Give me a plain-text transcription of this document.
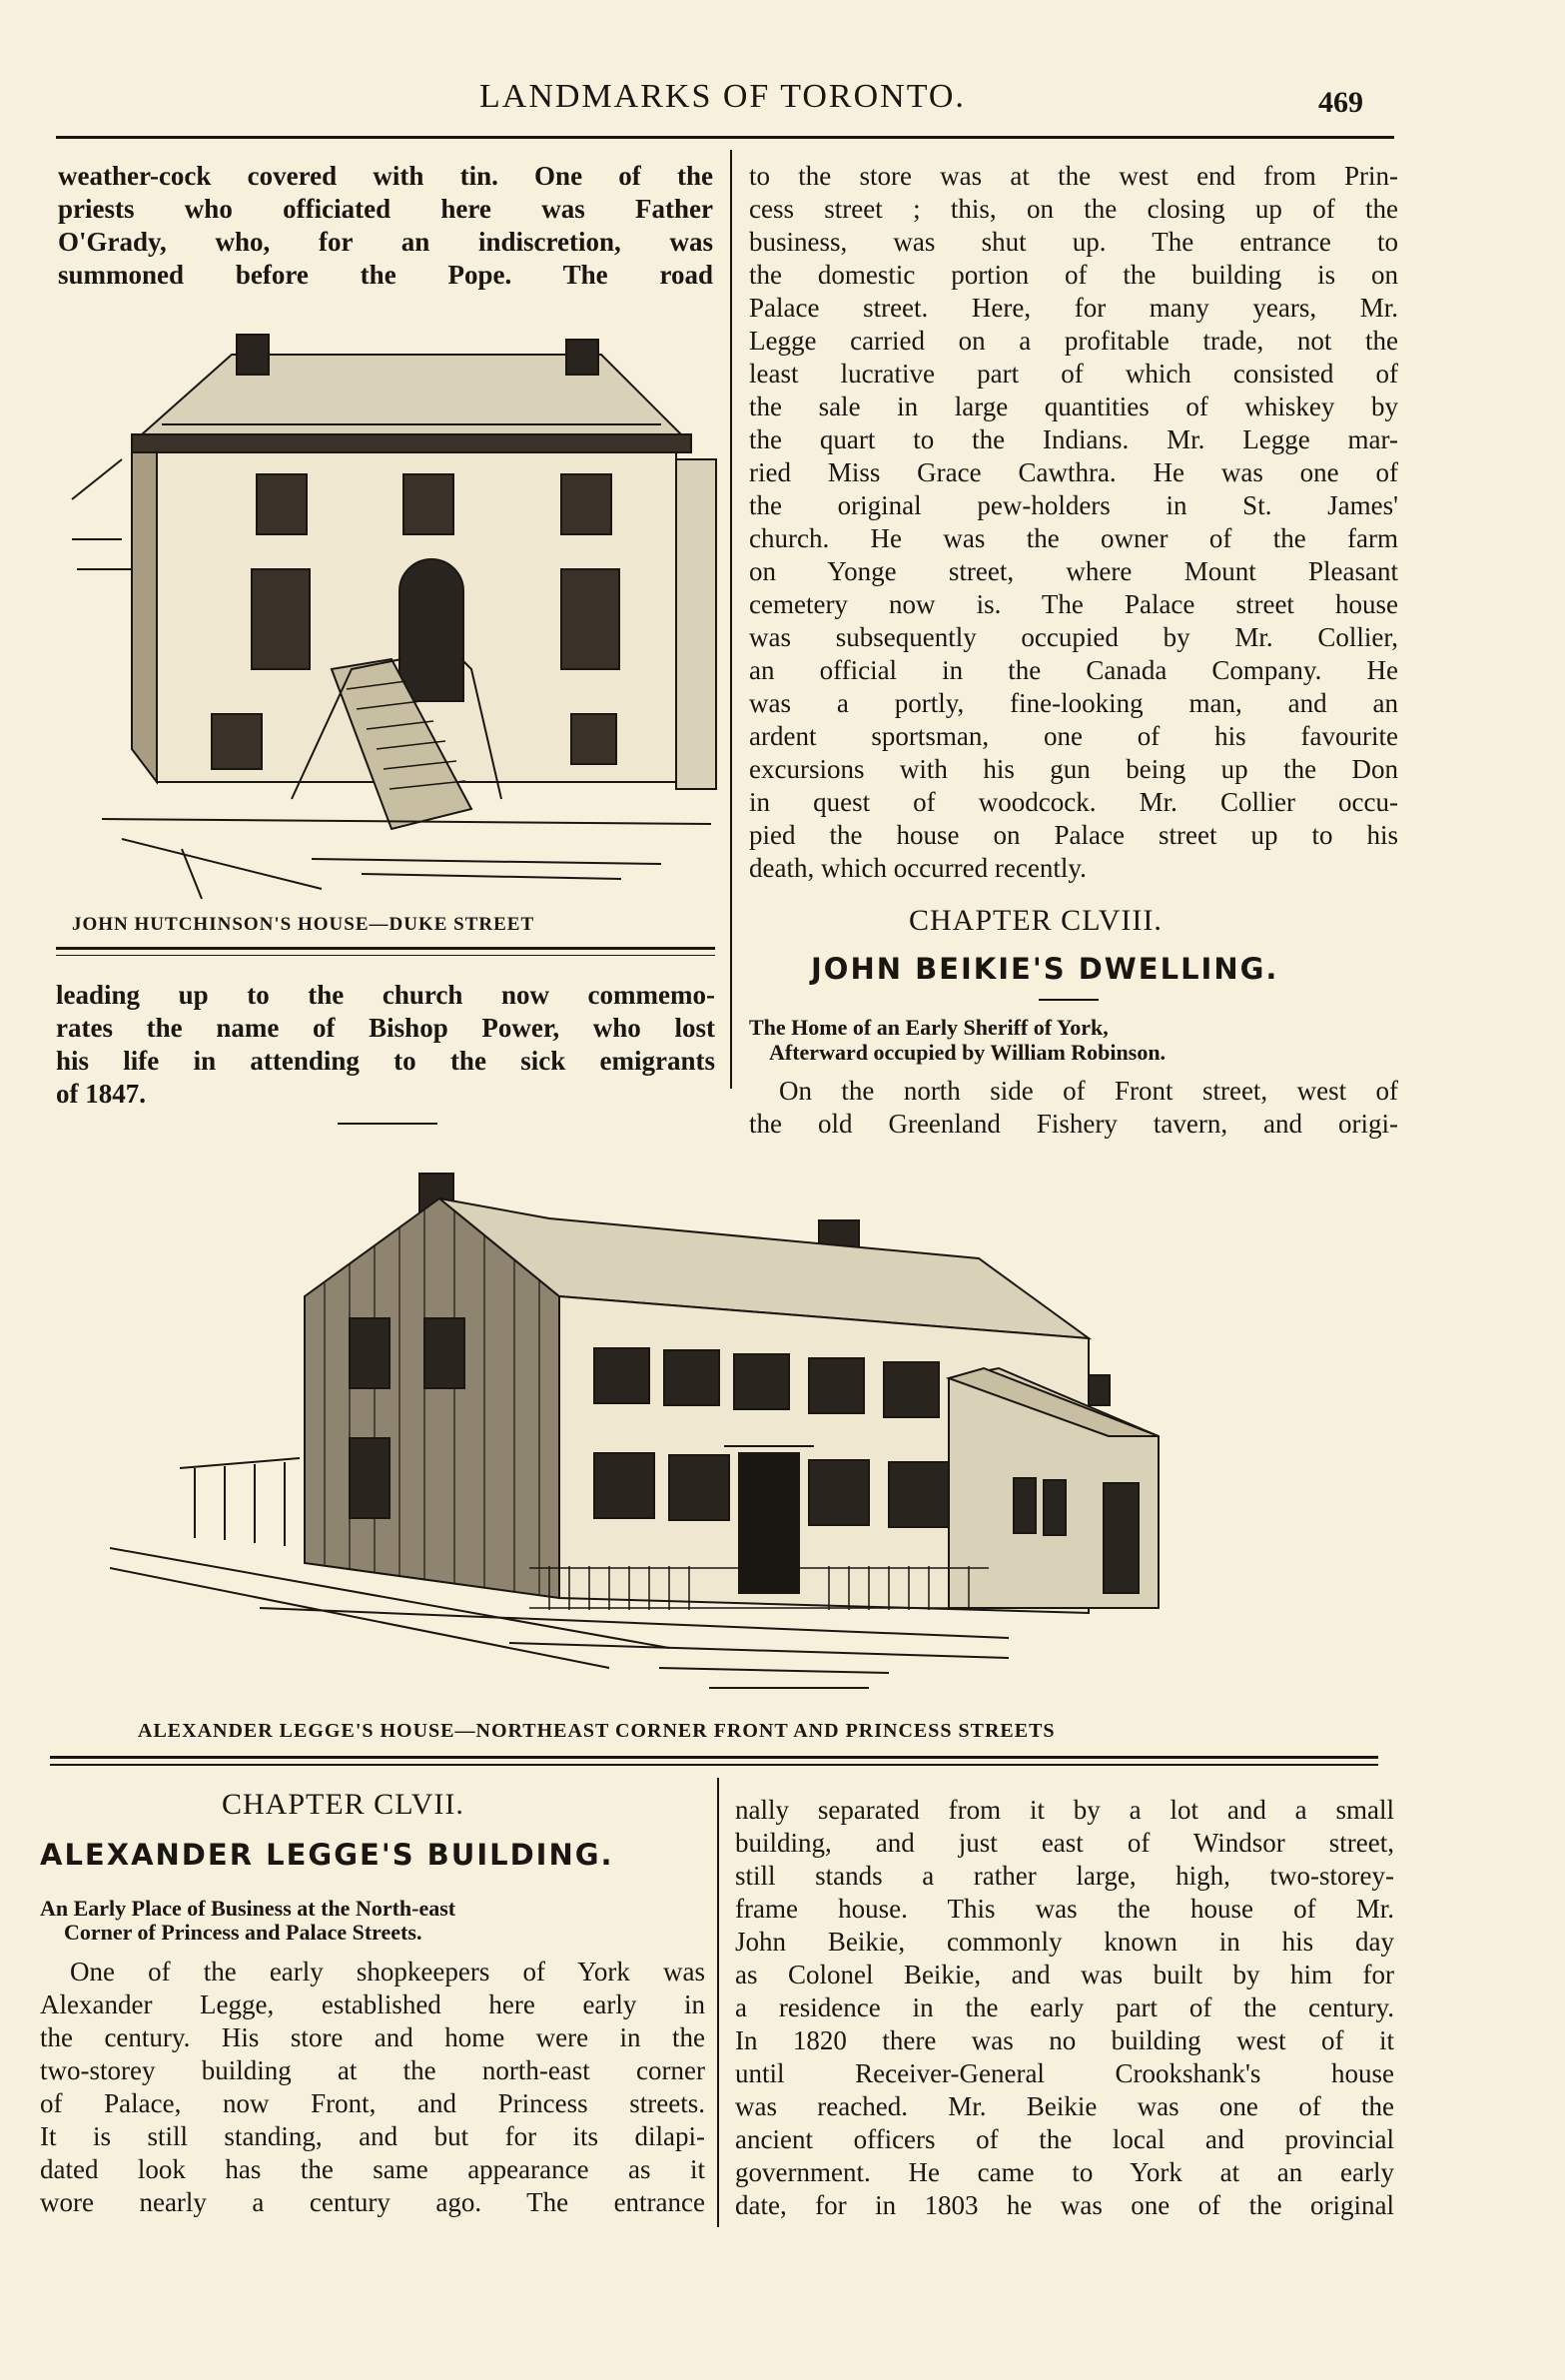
LANDMARKS OF TORONTO.	469
weather-cock covered with tin. One of the
priests who officiated here was Father
O'Grady, who, for an indiscretion, was
summoned before the Pope. The road
JOHN HUTCHINSON'S HOUSE—DUKE STREET
leading up to the church now commemo-
rates the name of Bishop Power, who lost
his life in attending to the sick emigrants
of 1847.
to the store was at the west end from Prin-
cess street ; this, on the closing up of the
business, was shut up. The entrance to
the domestic portion of the building is on
Palace street. Here, for many years, Mr.
Legge carried on a profitable trade, not the
least lucrative part of which consisted of
the sale in large quantities of whiskey by
the quart to the Indians. Mr. Legge mar-
ried Miss Grace Cawthra. He was one of
the original pew-holders in St. James'
church. He was the owner of the farm
on Yonge street, where Mount Pleasant
cemetery now is. The Palace street house
was subsequently occupied by Mr. Collier,
an official in the Canada Company. He
was a portly, fine-looking man, and an
ardent sportsman, one of his favourite
excursions with his gun being up the Don
in quest of woodcock. Mr. Collier occu-
pied the house on Palace street up to his
death, which occurred recently.
CHAPTER CLVIII.
JOHN BEIKIE'S DWELLING.
The Home of an Early Sheriff of York,
Afterward occupied by William Robinson.
On the north side of Front street, west of
the old Greenland Fishery tavern, and origi-
ALEXANDER LEGGE'S HOUSE—NORTHEAST CORNER FRONT AND PRINCESS STREETS
CHAPTER CLVII.
ALEXANDER LEGGE'S BUILDING.
An Early Place of Business at the North-east
Corner of Princess and Palace Streets.
One of the early shopkeepers of York was
Alexander Legge, established here early in
the century. His store and home were in the
two-storey building at the north-east corner
of Palace, now Front, and Princess streets.
It is still standing, and but for its dilapi-
dated look has the same appearance as it
wore nearly a century ago. The entrance
nally separated from it by a lot and a small
building, and just east of Windsor street,
still stands a rather large, high, two-storey-
frame house. This was the house of Mr.
John Beikie, commonly known in his day
as Colonel Beikie, and was built by him for
a residence in the early part of the century.
In 1820 there was no building west of it
until Receiver-General Crookshank's house
was reached. Mr. Beikie was one of the
ancient officers of the local and provincial
government. He came to York at an early
date, for in 1803 he was one of the original
